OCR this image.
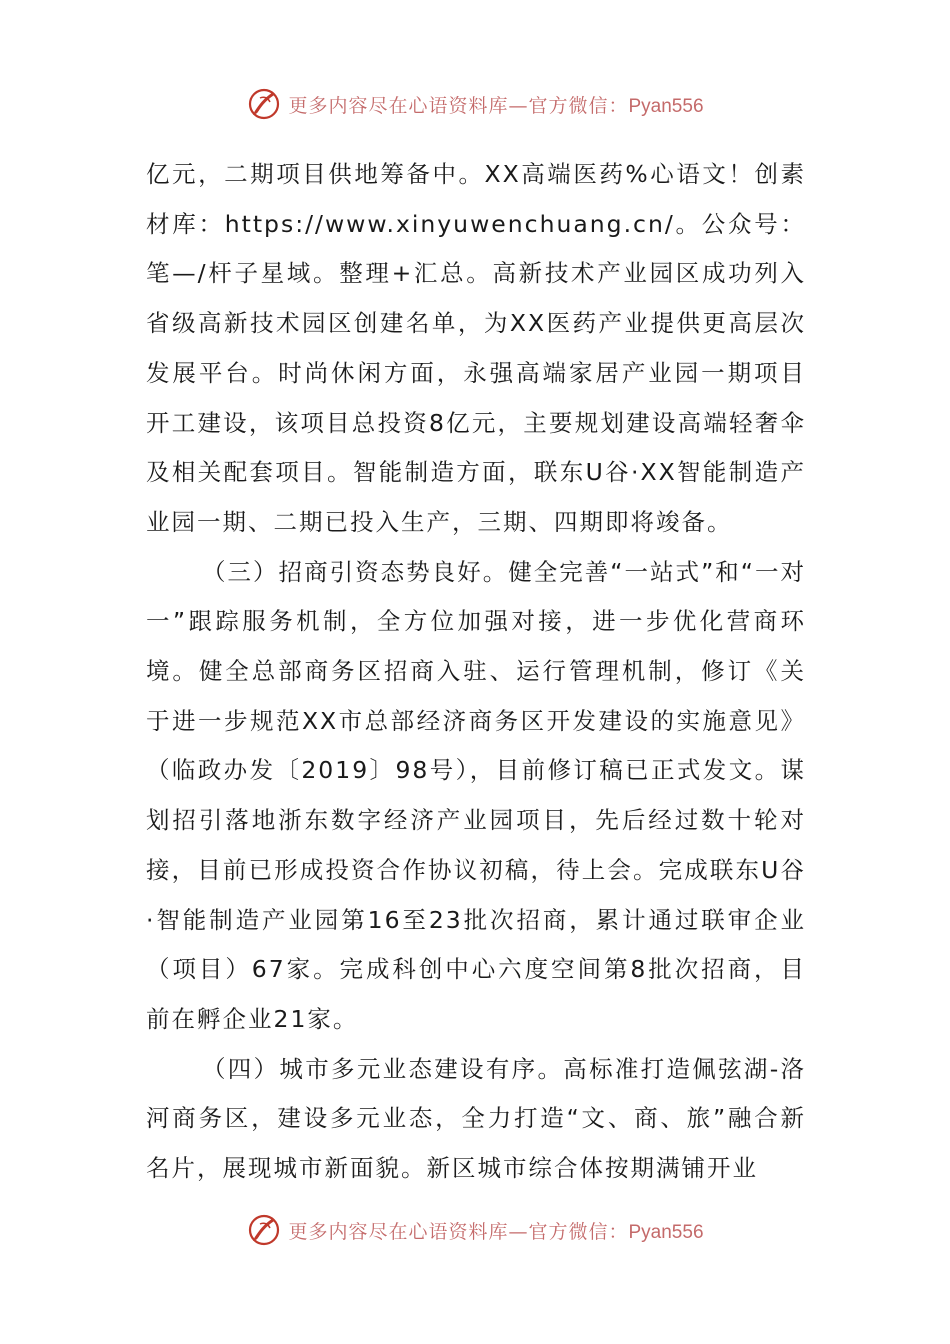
更多内容尽在心语资料库—官方微信：Pyan556

亿元，二期项目供地筹备中。XX高端医药%心语文！创素材库：https://www.xinyuwenchuang.cn/。公众号：笔—/杆子星域。整理+汇总。高新技术产业园区成功列入省级高新技术园区创建名单，为XX医药产业提供更高层次发展平台。时尚休闲方面，永强高端家居产业园一期项目开工建设，该项目总投资8亿元，主要规划建设高端轻奢伞及相关配套项目。智能制造方面，联东U谷·XX智能制造产业园一期、二期已投入生产，三期、四期即将竣备。

（三）招商引资态势良好。健全完善“一站式”和“一对一”跟踪服务机制，全方位加强对接，进一步优化营商环境。健全总部商务区招商入驻、运行管理机制，修订《关于进一步规范XX市总部经济商务区开发建设的实施意见》（临政办发〔2019〕98号），目前修订稿已正式发文。谋划招引落地浙东数字经济产业园项目，先后经过数十轮对接，目前已形成投资合作协议初稿，待上会。完成联东U谷·智能制造产业园第16至23批次招商，累计通过联审企业（项目）67家。完成科创中心六度空间第8批次招商，目前在孵企业21家。

（四）城市多元业态建设有序。高标准打造佩弦湖-洛河商务区，建设多元业态，全力打造“文、商、旅”融合新名片，展现城市新面貌。新区城市综合体按期满铺开业

更多内容尽在心语资料库—官方微信：Pyan556
